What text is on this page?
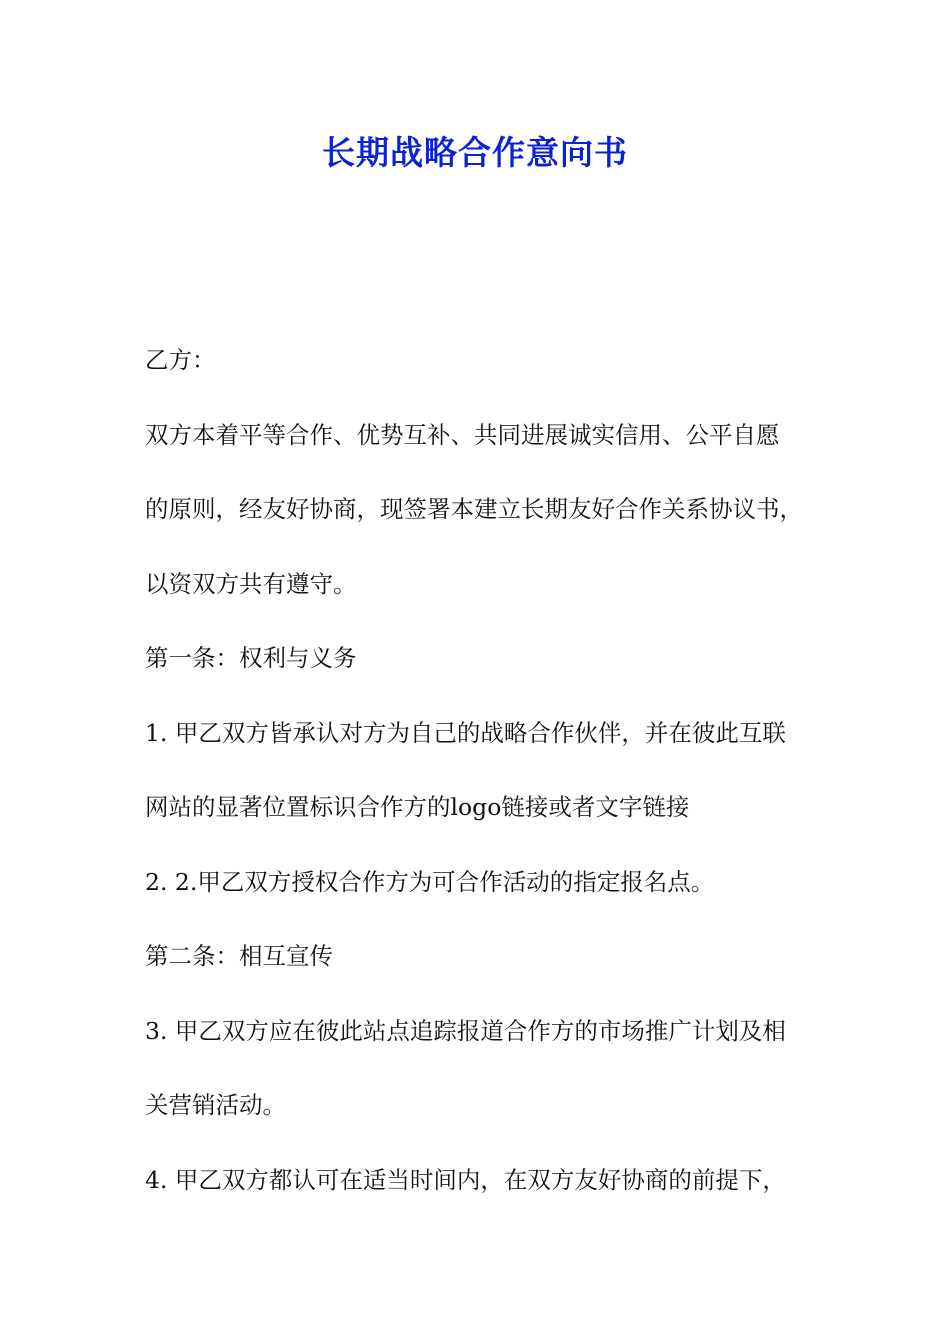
长期战略合作意向书
乙方：
双方本着平等合作、优势互补、共同进展诚实信用、公平自愿
的原则，经友好协商，现签署本建立长期友好合作关系协议书，
以资双方共有遵守。
第一条：权利与义务
1. 甲乙双方皆承认对方为自己的战略合作伙伴，并在彼此互联
网站的显著位置标识合作方的logo链接或者文字链接
2. 2.甲乙双方授权合作方为可合作活动的指定报名点。
第二条：相互宣传
3. 甲乙双方应在彼此站点追踪报道合作方的市场推广计划及相
关营销活动。
4. 甲乙双方都认可在适当时间内，在双方友好协商的前提下，
